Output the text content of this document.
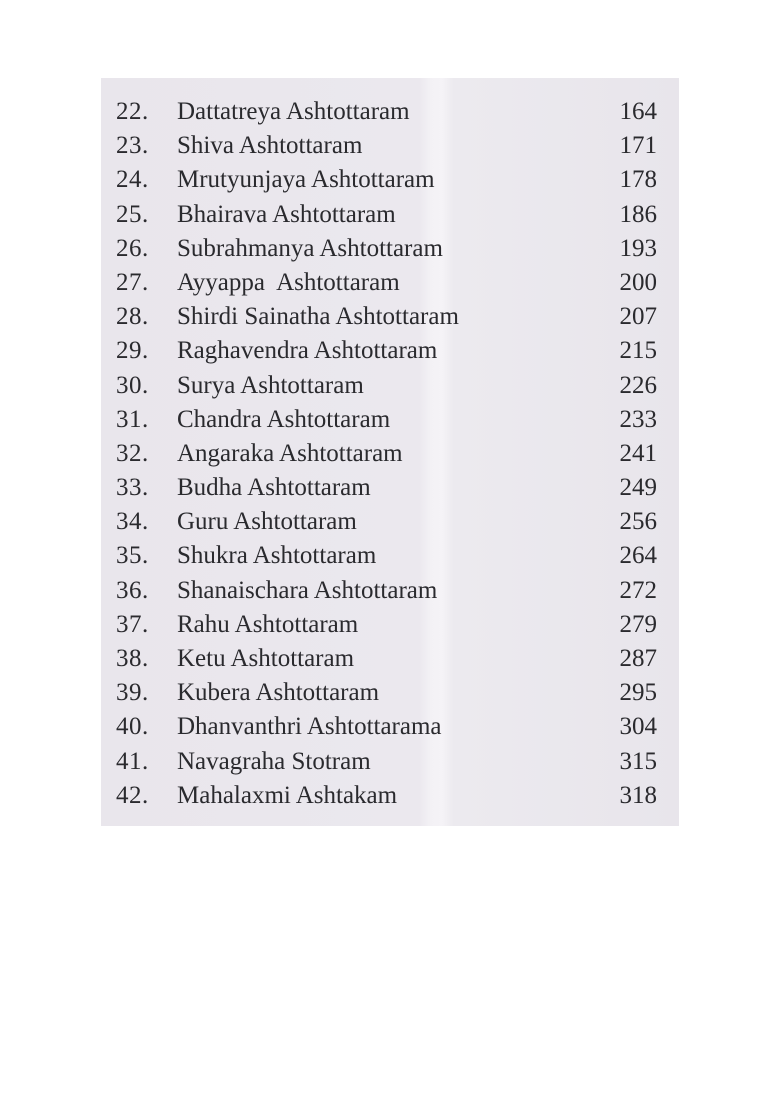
22. Dattatreya Ashtottaram	164
23. Shiva Ashtottaram	171
24. Mrutyunjaya Ashtottaram	178
25. Bhairava Ashtottaram	186
26. Subrahmanya Ashtottaram	193
27. Ayyappa  Ashtottaram	200
28. Shirdi Sainatha Ashtottaram	207
29. Raghavendra Ashtottaram	215
30. Surya Ashtottaram	226
31. Chandra Ashtottaram	233
32. Angaraka Ashtottaram	241
33. Budha Ashtottaram	249
34. Guru Ashtottaram	256
35. Shukra Ashtottaram	264
36. Shanaischara Ashtottaram	272
37. Rahu Ashtottaram	279
38. Ketu Ashtottaram	287
39. Kubera Ashtottaram	295
40. Dhanvanthri Ashtottarama	304
41. Navagraha Stotram	315
42. Mahalaxmi Ashtakam	318
